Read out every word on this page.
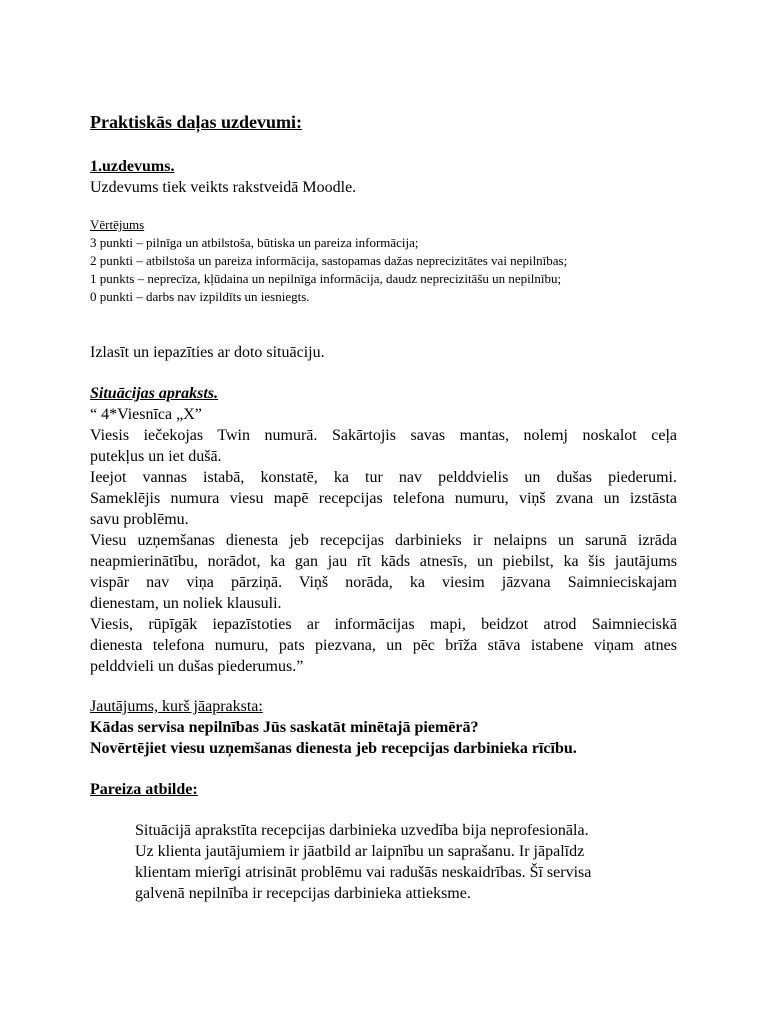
Praktiskās daļas uzdevumi:
1.uzdevums.
Uzdevums tiek veikts rakstveidā Moodle.
Vērtējums
3 punkti – pilnīga un atbilstoša, būtiska un pareiza informācija;
2 punkti – atbilstoša un pareiza informācija, sastopamas dažas neprecizitātes vai nepilnības;
1 punkts – neprecīza, kļūdaina un nepilnīga informācija, daudz neprecizitāšu un nepilnību;
0 punkti – darbs nav izpildīts un iesniegts.
Izlasīt un iepazīties ar doto situāciju.
Situācijas apraksts.
“ 4*Viesnīca „X”
Viesis iečekojas Twin numurā. Sakārtojis savas mantas, nolemj noskalot ceļa
putekļus un iet dušā.
Ieejot vannas istabā, konstatē, ka tur nav pelddvielis un dušas piederumi.
Sameklējis numura viesu mapē recepcijas telefona numuru, viņš zvana un izstāsta
savu problēmu.
Viesu uzņemšanas dienesta jeb recepcijas darbinieks ir nelaipns un sarunā izrāda
neapmierinātību, norādot, ka gan jau rīt kāds atnesīs, un piebilst, ka šis jautājums
vispār nav viņa pārziņā. Viņš norāda, ka viesim jāzvana Saimnieciskajam
dienestam, un noliek klausuli.
Viesis, rūpīgāk iepazīstoties ar informācijas mapi, beidzot atrod Saimnieciskā
dienesta telefona numuru, pats piezvana, un pēc brīža stāva istabene viņam atnes
pelddvieli un dušas piederumus.”
Jautājums, kurš jāapraksta:
Kādas servisa nepilnības Jūs saskatāt minētajā piemērā?
Novērtējiet viesu uzņemšanas dienesta jeb recepcijas darbinieka rīcību.
Pareiza atbilde:
Situācijā aprakstīta recepcijas darbinieka uzvedība bija neprofesionāla.
Uz klienta jautājumiem ir jāatbild ar laipnību un saprašanu. Ir jāpalīdz
klientam mierīgi atrisināt problēmu vai radušās neskaidrības. Šī servisa
galvenā nepilnība ir recepcijas darbinieka attieksme.
